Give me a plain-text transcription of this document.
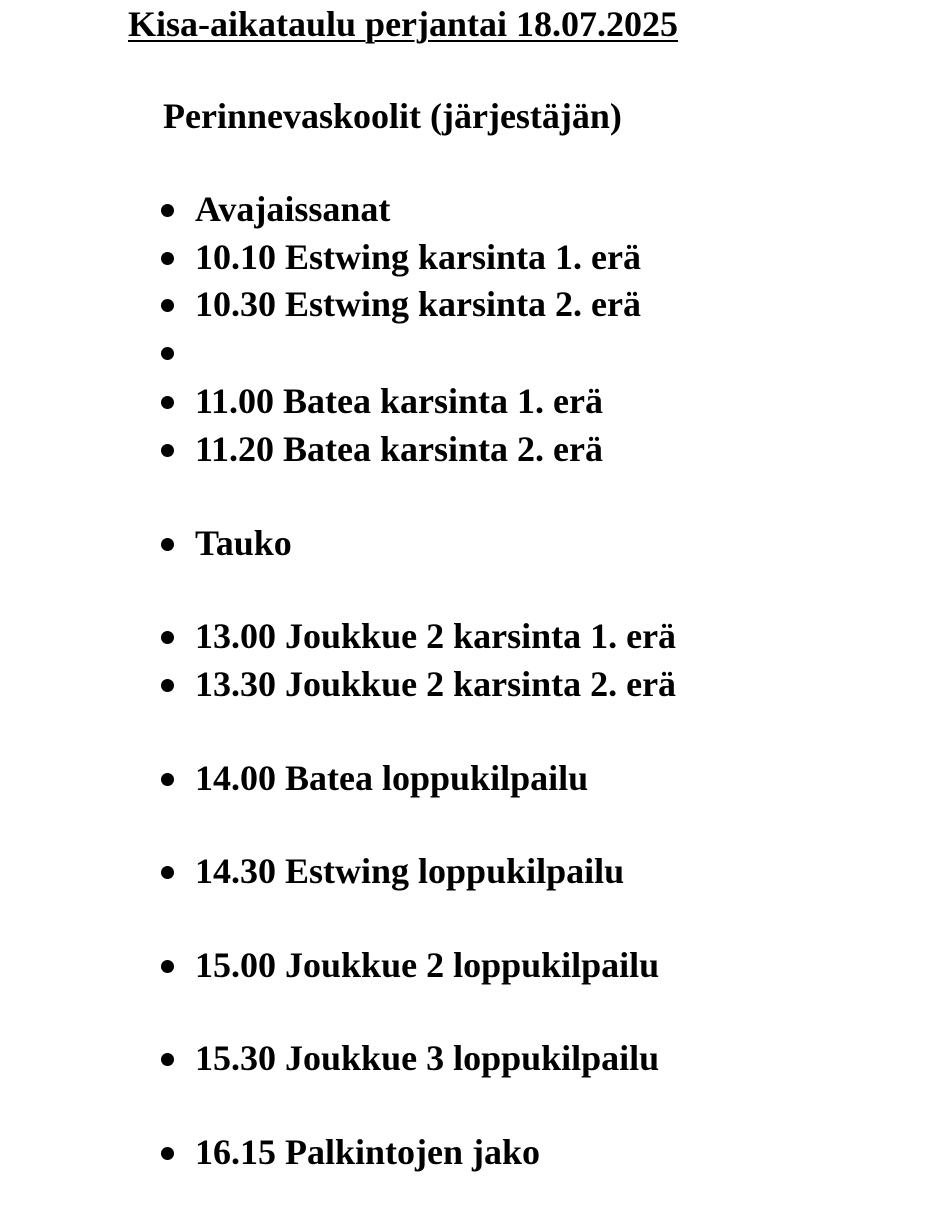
Kisa-aikataulu perjantai 18.07.2025
Perinnevaskoolit (järjestäjän)
Avajaissanat
10.10 Estwing karsinta 1. erä
10.30 Estwing karsinta 2. erä
11.00 Batea karsinta 1. erä
11.20 Batea karsinta 2. erä
Tauko
13.00 Joukkue 2 karsinta 1. erä
13.30 Joukkue 2 karsinta 2. erä
14.00 Batea loppukilpailu
14.30 Estwing loppukilpailu
15.00 Joukkue 2 loppukilpailu
15.30 Joukkue 3 loppukilpailu
16.15 Palkintojen jako
